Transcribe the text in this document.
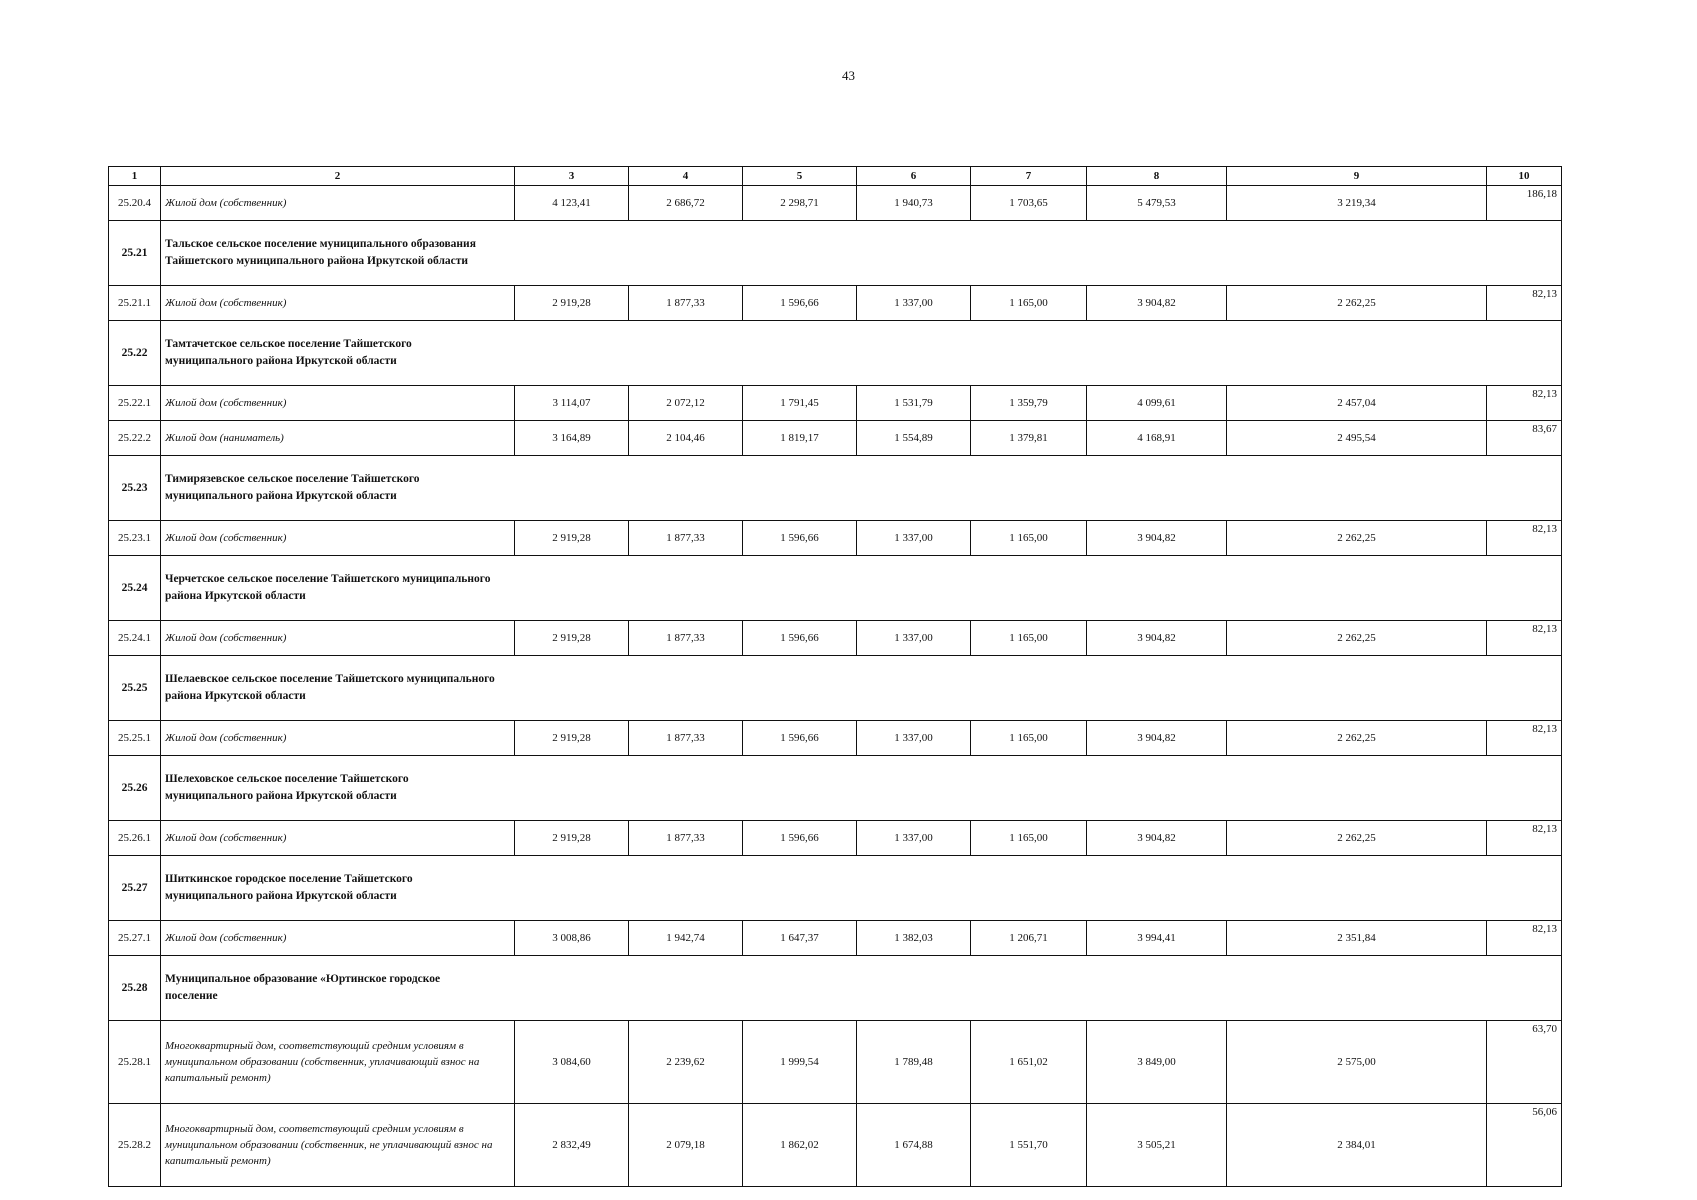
43
1	2	3	4	5	6	7	8	9	10
25.20.4	Жилой дом (собственник)	4 123,41	2 686,72	2 298,71	1 940,73	1 703,65	5 479,53	3 219,34	186,18
25.21	Тальское сельское поселение муниципального образования Тайшетского муниципального района Иркутской области								

25.21.1	Жилой дом (собственник)	2 919,28	1 877,33	1 596,66	1 337,00	1 165,00	3 904,82	2 262,25	82,13
25.22	Тамтачетское сельское поселение Тайшетского муниципального района Иркутской области								

25.22.1	Жилой дом (собственник)	3 114,07	2 072,12	1 791,45	1 531,79	1 359,79	4 099,61	2 457,04	82,13
25.22.2	Жилой дом (наниматель)	3 164,89	2 104,46	1 819,17	1 554,89	1 379,81	4 168,91	2 495,54	83,67
25.23	Тимирязевское сельское поселение Тайшетского муниципального района Иркутской области								

25.23.1	Жилой дом (собственник)	2 919,28	1 877,33	1 596,66	1 337,00	1 165,00	3 904,82	2 262,25	82,13
25.24	Черчетское сельское поселение Тайшетского муниципального района Иркутской области								

25.24.1	Жилой дом (собственник)	2 919,28	1 877,33	1 596,66	1 337,00	1 165,00	3 904,82	2 262,25	82,13
25.25	Шелаевское сельское поселение Тайшетского муниципального района Иркутской области								

25.25.1	Жилой дом (собственник)	2 919,28	1 877,33	1 596,66	1 337,00	1 165,00	3 904,82	2 262,25	82,13
25.26	Шелеховское сельское поселение Тайшетского муниципального района Иркутской области								

25.26.1	Жилой дом (собственник)	2 919,28	1 877,33	1 596,66	1 337,00	1 165,00	3 904,82	2 262,25	82,13
25.27	Шиткинское городское поселение Тайшетского муниципального района Иркутской области								

25.27.1	Жилой дом (собственник)	3 008,86	1 942,74	1 647,37	1 382,03	1 206,71	3 994,41	2 351,84	82,13
25.28	Муниципальное образование «Юртинское городское поселение								

25.28.1	Многоквартирный дом, соответствующий средним условиям в муниципальном образовании (собственник, уплачивающий взнос на капитальный ремонт)	3 084,60	2 239,62	1 999,54	1 789,48	1 651,02	3 849,00	2 575,00	63,70
25.28.2	Многоквартирный дом, соответствующий средним условиям в муниципальном образовании (собственник, не уплачивающий взнос на капитальный ремонт)	2 832,49	2 079,18	1 862,02	1 674,88	1 551,70	3 505,21	2 384,01	56,06
